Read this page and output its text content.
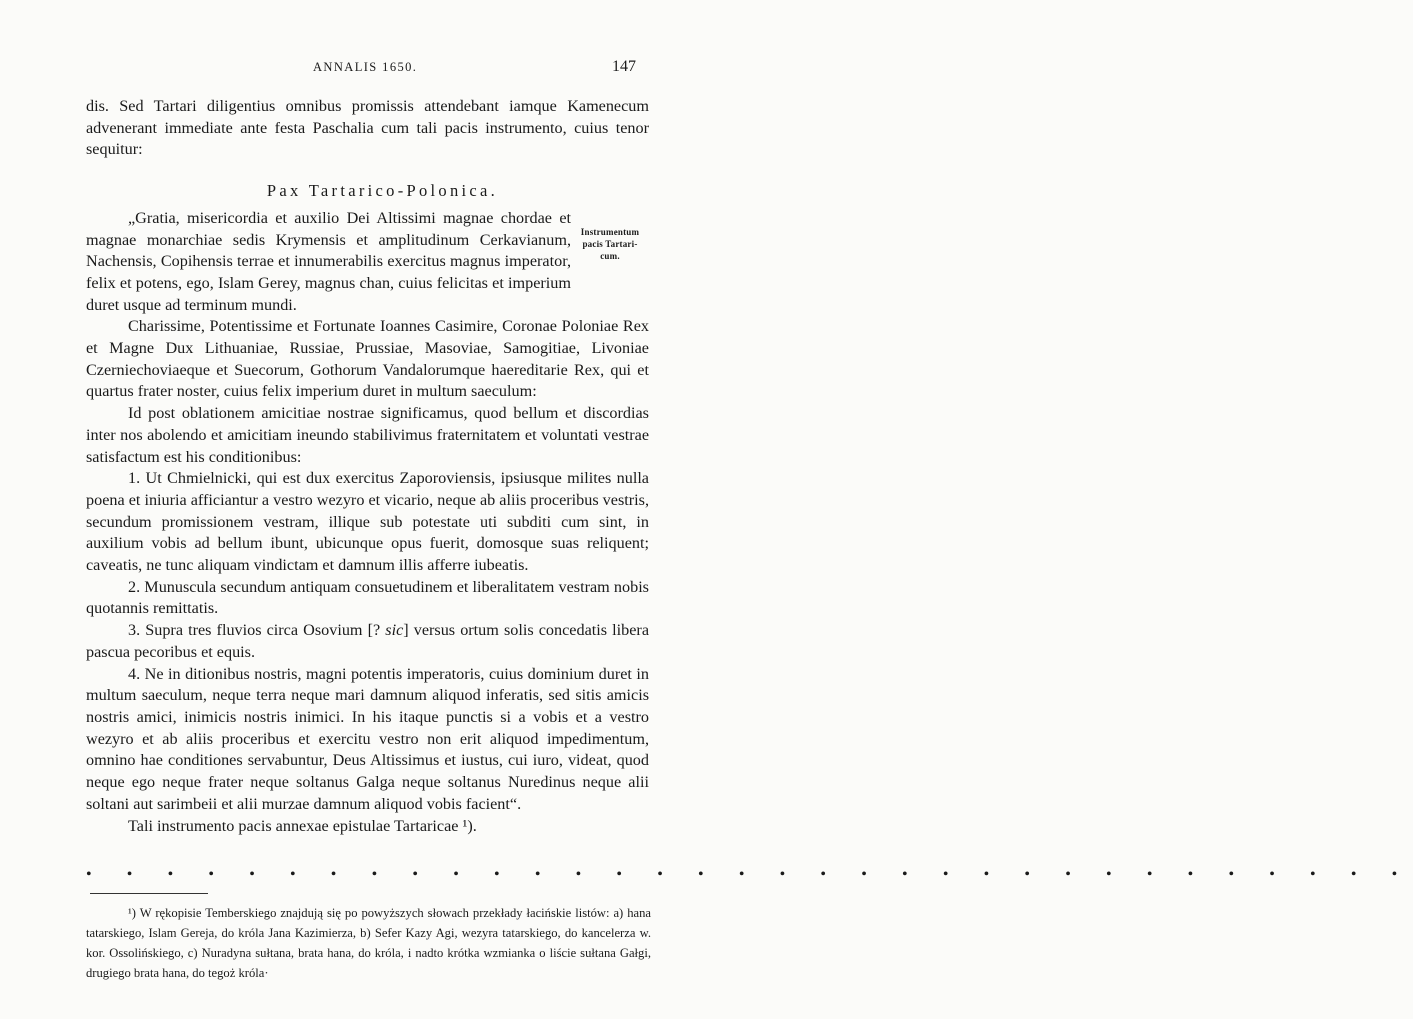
ANNALIS 1650.	147

dis. Sed Tartari diligentius omnibus promissis attendebant iamque Kamenecum advenerant immediate ante festa Paschalia cum tali pacis instrumento, cuius tenor sequitur:

Pax Tartarico-Polonica.

„Gratia, misericordia et auxilio Dei Altissimi magnae chordae et magnae monarchiae sedis Krymensis et amplitudinum Cerkavianum, Nachensis, Copihensis terrae et innumerabilis exercitus magnus imperator, felix et potens, ego, Islam Gerey, magnus chan, cuius felicitas et imperium duret usque ad terminum mundi.

Charissime, Potentissime et Fortunate Ioannes Casimire, Coronae Poloniae Rex et Magne Dux Lithuaniae, Russiae, Prussiae, Masoviae, Samogitiae, Livoniae Czerniechoviaeque et Suecorum, Gothorum Vandalorumque haereditarie Rex, qui et quartus frater noster, cuius felix imperium duret in multum saeculum:

Id post oblationem amicitiae nostrae significamus, quod bellum et discordias inter nos abolendo et amicitiam ineundo stabilivimus fraternitatem et voluntati vestrae satisfactum est his conditionibus:

1. Ut Chmielnicki, qui est dux exercitus Zaporoviensis, ipsiusque milites nulla poena et iniuria afficiantur a vestro wezyro et vicario, neque ab aliis proceribus vestris, secundum promissionem vestram, illique sub potestate uti subditi cum sint, in auxilium vobis ad bellum ibunt, ubicunque opus fuerit, domosque suas reliquent; caveatis, ne tunc aliquam vindictam et damnum illis afferre iubeatis.

2. Munuscula secundum antiquam consuetudinem et liberalitatem vestram nobis quotannis remittatis.

3. Supra tres fluvios circa Osovium [? sic] versus ortum solis concedatis libera pascua pecoribus et equis.

4. Ne in ditionibus nostris, magni potentis imperatoris, cuius dominium duret in multum saeculum, neque terra neque mari damnum aliquod inferatis, sed sitis amicis nostris amici, inimicis nostris inimici. In his itaque punctis si a vobis et a vestro wezyro et ab aliis proceribus et exercitu vestro non erit aliquod impedimentum, omnino hae conditiones servabuntur, Deus Altissimus et iustus, cui iuro, videat, quod neque ego neque frater neque soltanus Galga neque soltanus Nuredinus neque alii soltani aut sarimbeii et alii murzae damnum aliquod vobis facient“.

Tali instrumento pacis annexae epistulae Tartaricae ¹).

Instrumentum
pacis Tartari-
cum.
• • • • • • • • • • • • • • • • • • • • • • • • • • • • • • • • •

¹) W rękopisie Temberskiego znajdują się po powyższych słowach przekłady łacińskie listów: a) hana tatarskiego, Islam Gereja, do króla Jana Kazimierza, b) Sefer Kazy Agi, wezyra tatarskiego, do kancelerza w. kor. Ossolińskiego, c) Nuradyna sułtana, brata hana, do króla, i nadto krótka wzmianka o liście sułtana Gałgi, drugiego brata hana, do tegoż króla·
